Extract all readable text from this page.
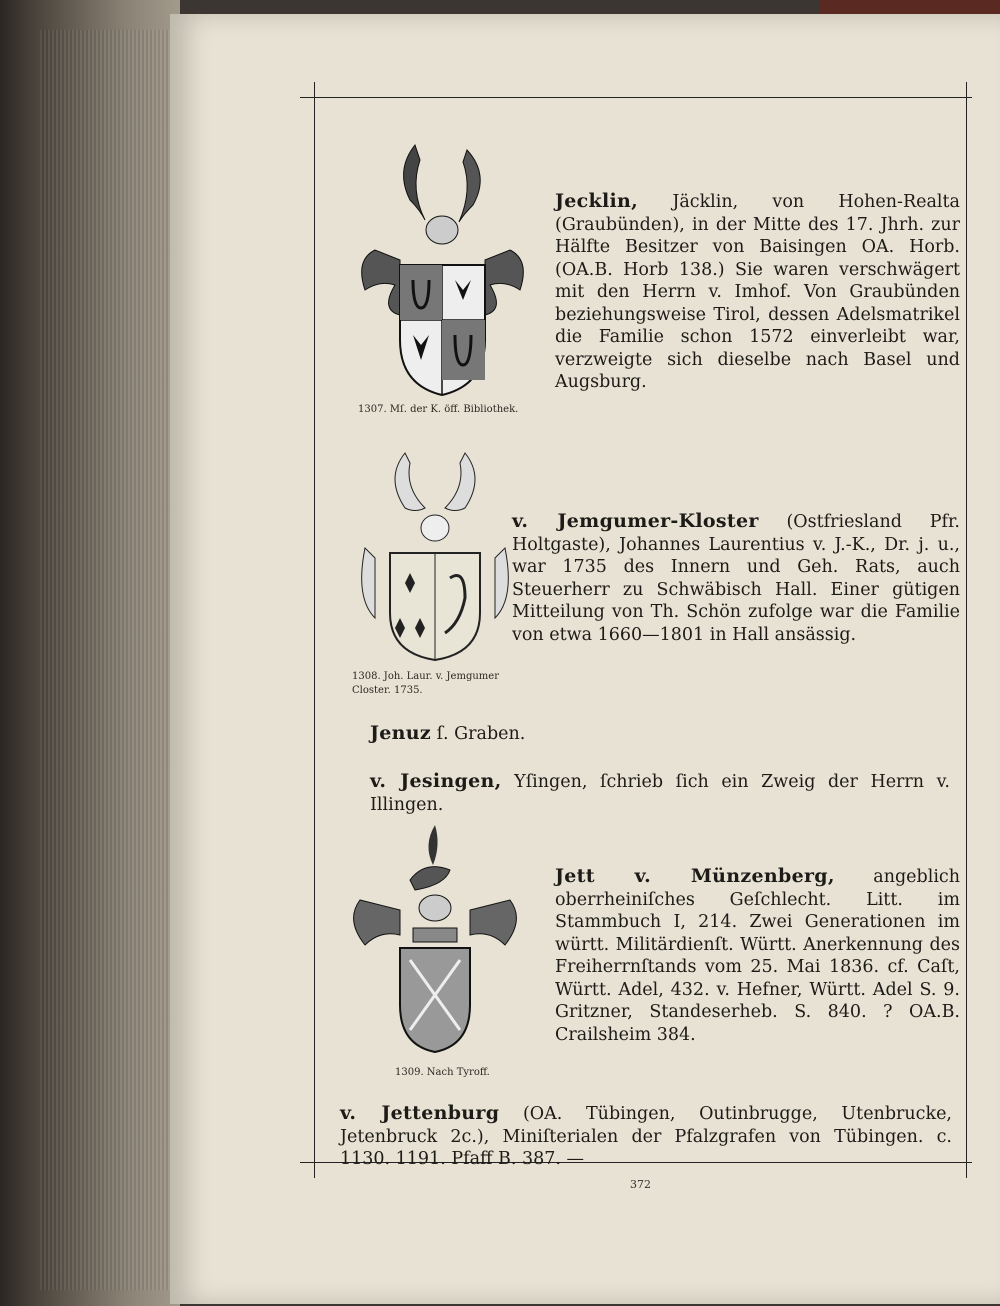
1307. Mſ. der K. öff. Bibliothek.
1308. Joh. Laur. v. Jemgumer Closter. 1735.
1309. Nach Tyroff.
Jecklin, Jäcklin, von Hohen-Realta (Graubünden), in der Mitte des 17. Jhrh. zur Hälfte Besitzer von Baisingen OA. Horb. (OA.B. Horb 138.) Sie waren verschwägert mit den Herrn v. Imhof. Von Graubünden beziehungsweise Tirol, dessen Adelsmatrikel die Familie schon 1572 einverleibt war, verzweigte sich dieselbe nach Basel und Augsburg.
v. Jemgumer-Kloster (Ostfriesland Pfr. Holtgaste), Johannes Laurentius v. J.-K., Dr. j. u., war 1735 des Innern und Geh. Rats, auch Steuerherr zu Schwäbisch Hall. Einer gütigen Mitteilung von Th. Schön zufolge war die Familie von etwa 1660—1801 in Hall ansässig.
Jenuz ſ. Graben.
v. Jesingen, Yſingen, ſchrieb ſich ein Zweig der Herrn v. Illingen.
Jett v. Münzenberg, angeblich oberrheiniſches Geſchlecht. Litt. im Stammbuch I, 214. Zwei Generationen im württ. Militärdienſt. Württ. Anerkennung des Freiherrnſtands vom 25. Mai 1836. cf. Caſt, Württ. Adel, 432. v. Hefner, Württ. Adel S. 9. Gritzner, Standeserheb. S. 840. ? OA.B. Crailsheim 384.
v. Jettenburg (OA. Tübingen, Outinbrugge, Utenbrucke, Jetenbruck 2c.), Miniſterialen der Pfalzgrafen von Tübingen. c. 1130. 1191. Pfaff B. 387. —
372
